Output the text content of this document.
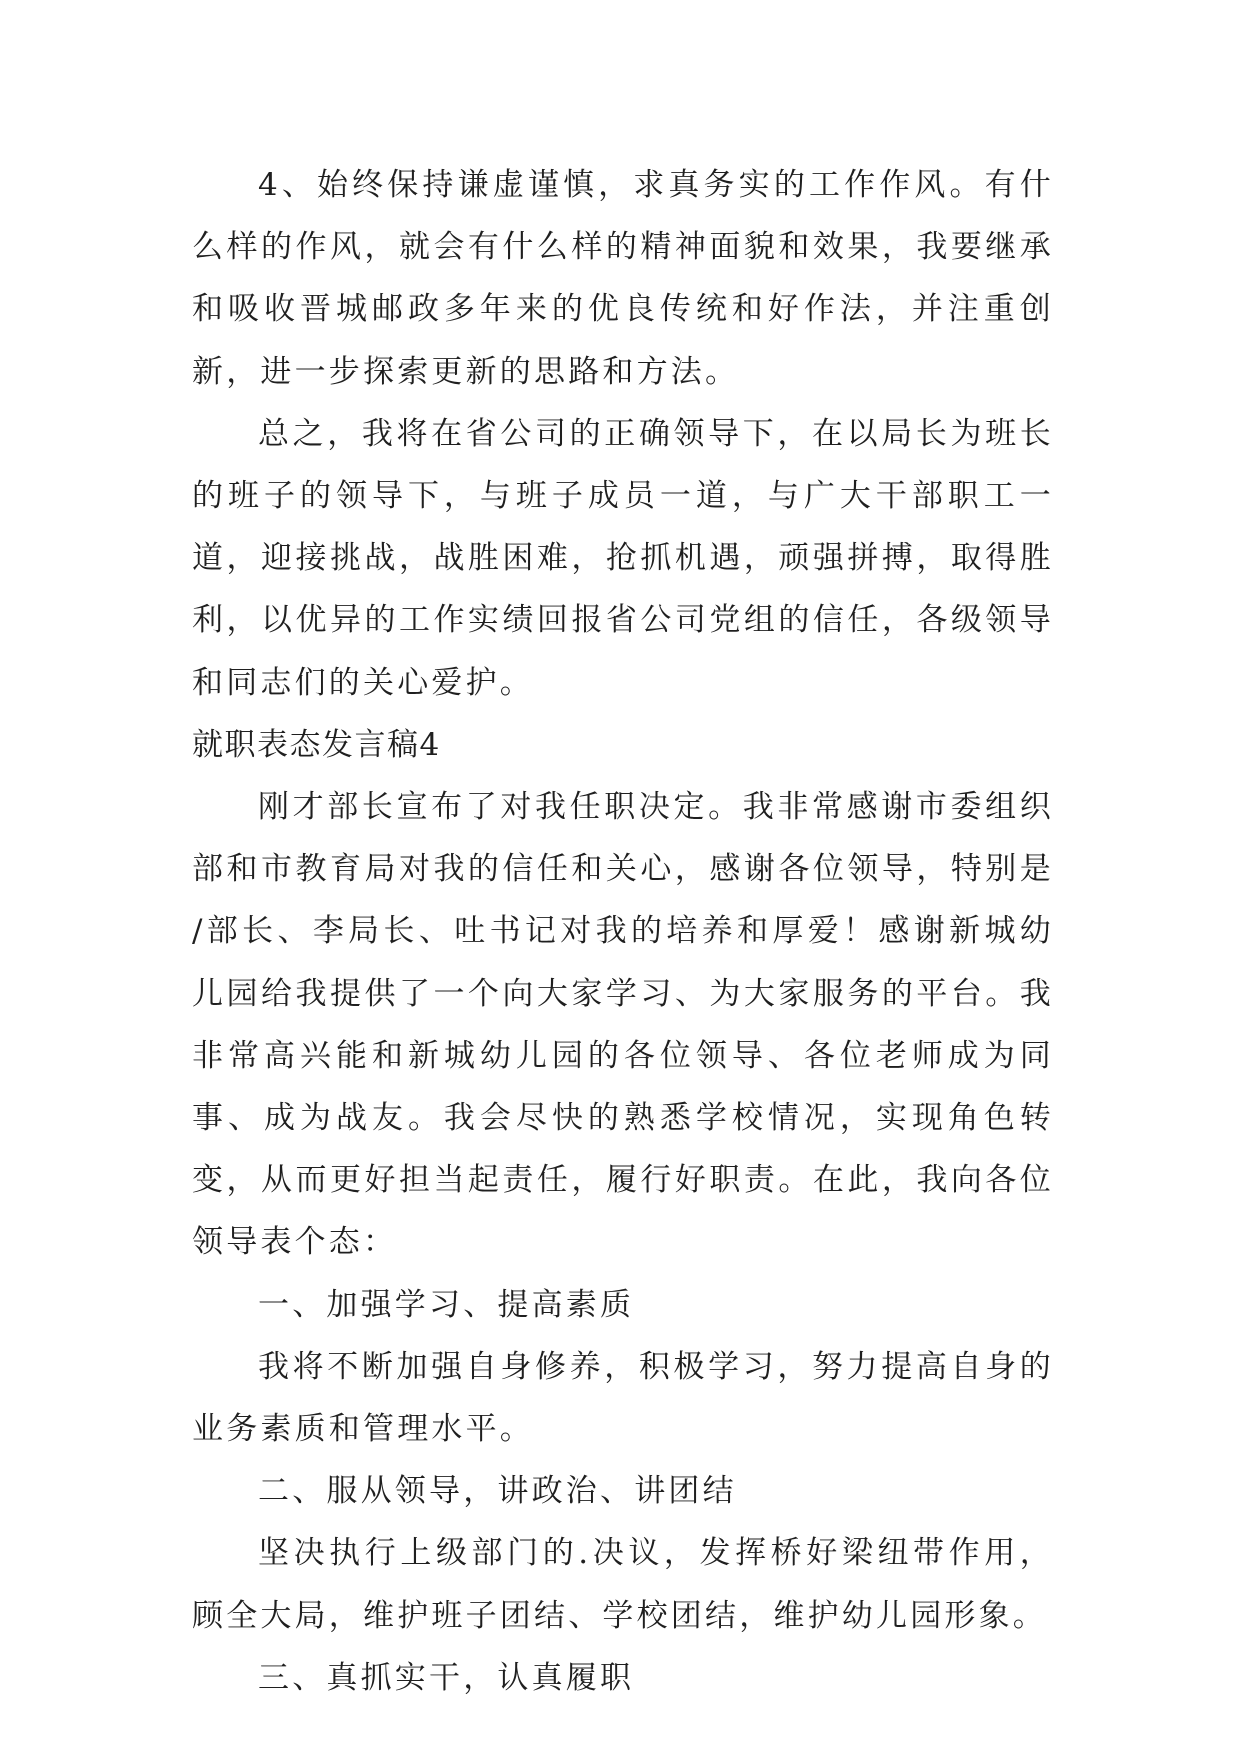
4、始终保持谦虚谨慎，求真务实的工作作风。有什么样的作风，就会有什么样的精神面貌和效果，我要继承和吸收晋城邮政多年来的优良传统和好作法，并注重创新，进一步探索更新的思路和方法。

总之，我将在省公司的正确领导下，在以局长为班长的班子的领导下，与班子成员一道，与广大干部职工一道，迎接挑战，战胜困难，抢抓机遇，顽强拼搏，取得胜利，以优异的工作实绩回报省公司党组的信任，各级领导和同志们的关心爱护。

就职表态发言稿4

刚才部长宣布了对我任职决定。我非常感谢市委组织部和市教育局对我的信任和关心，感谢各位领导，特别是 /部长、李局长、吐书记对我的培养和厚爱！感谢新城幼儿园给我提供了一个向大家学习、为大家服务的平台。我非常高兴能和新城幼儿园的各位领导、各位老师成为同事、成为战友。我会尽快的熟悉学校情况，实现角色转变，从而更好担当起责任，履行好职责。在此，我向各位领导表个态：

一、加强学习、提高素质

我将不断加强自身修养，积极学习，努力提高自身的业务素质和管理水平。

二、服从领导，讲政治、讲团结

坚决执行上级部门的.决议，发挥桥好梁纽带作用，顾全大局，维护班子团结、学校团结，维护幼儿园形象。

三、真抓实干，认真履职
